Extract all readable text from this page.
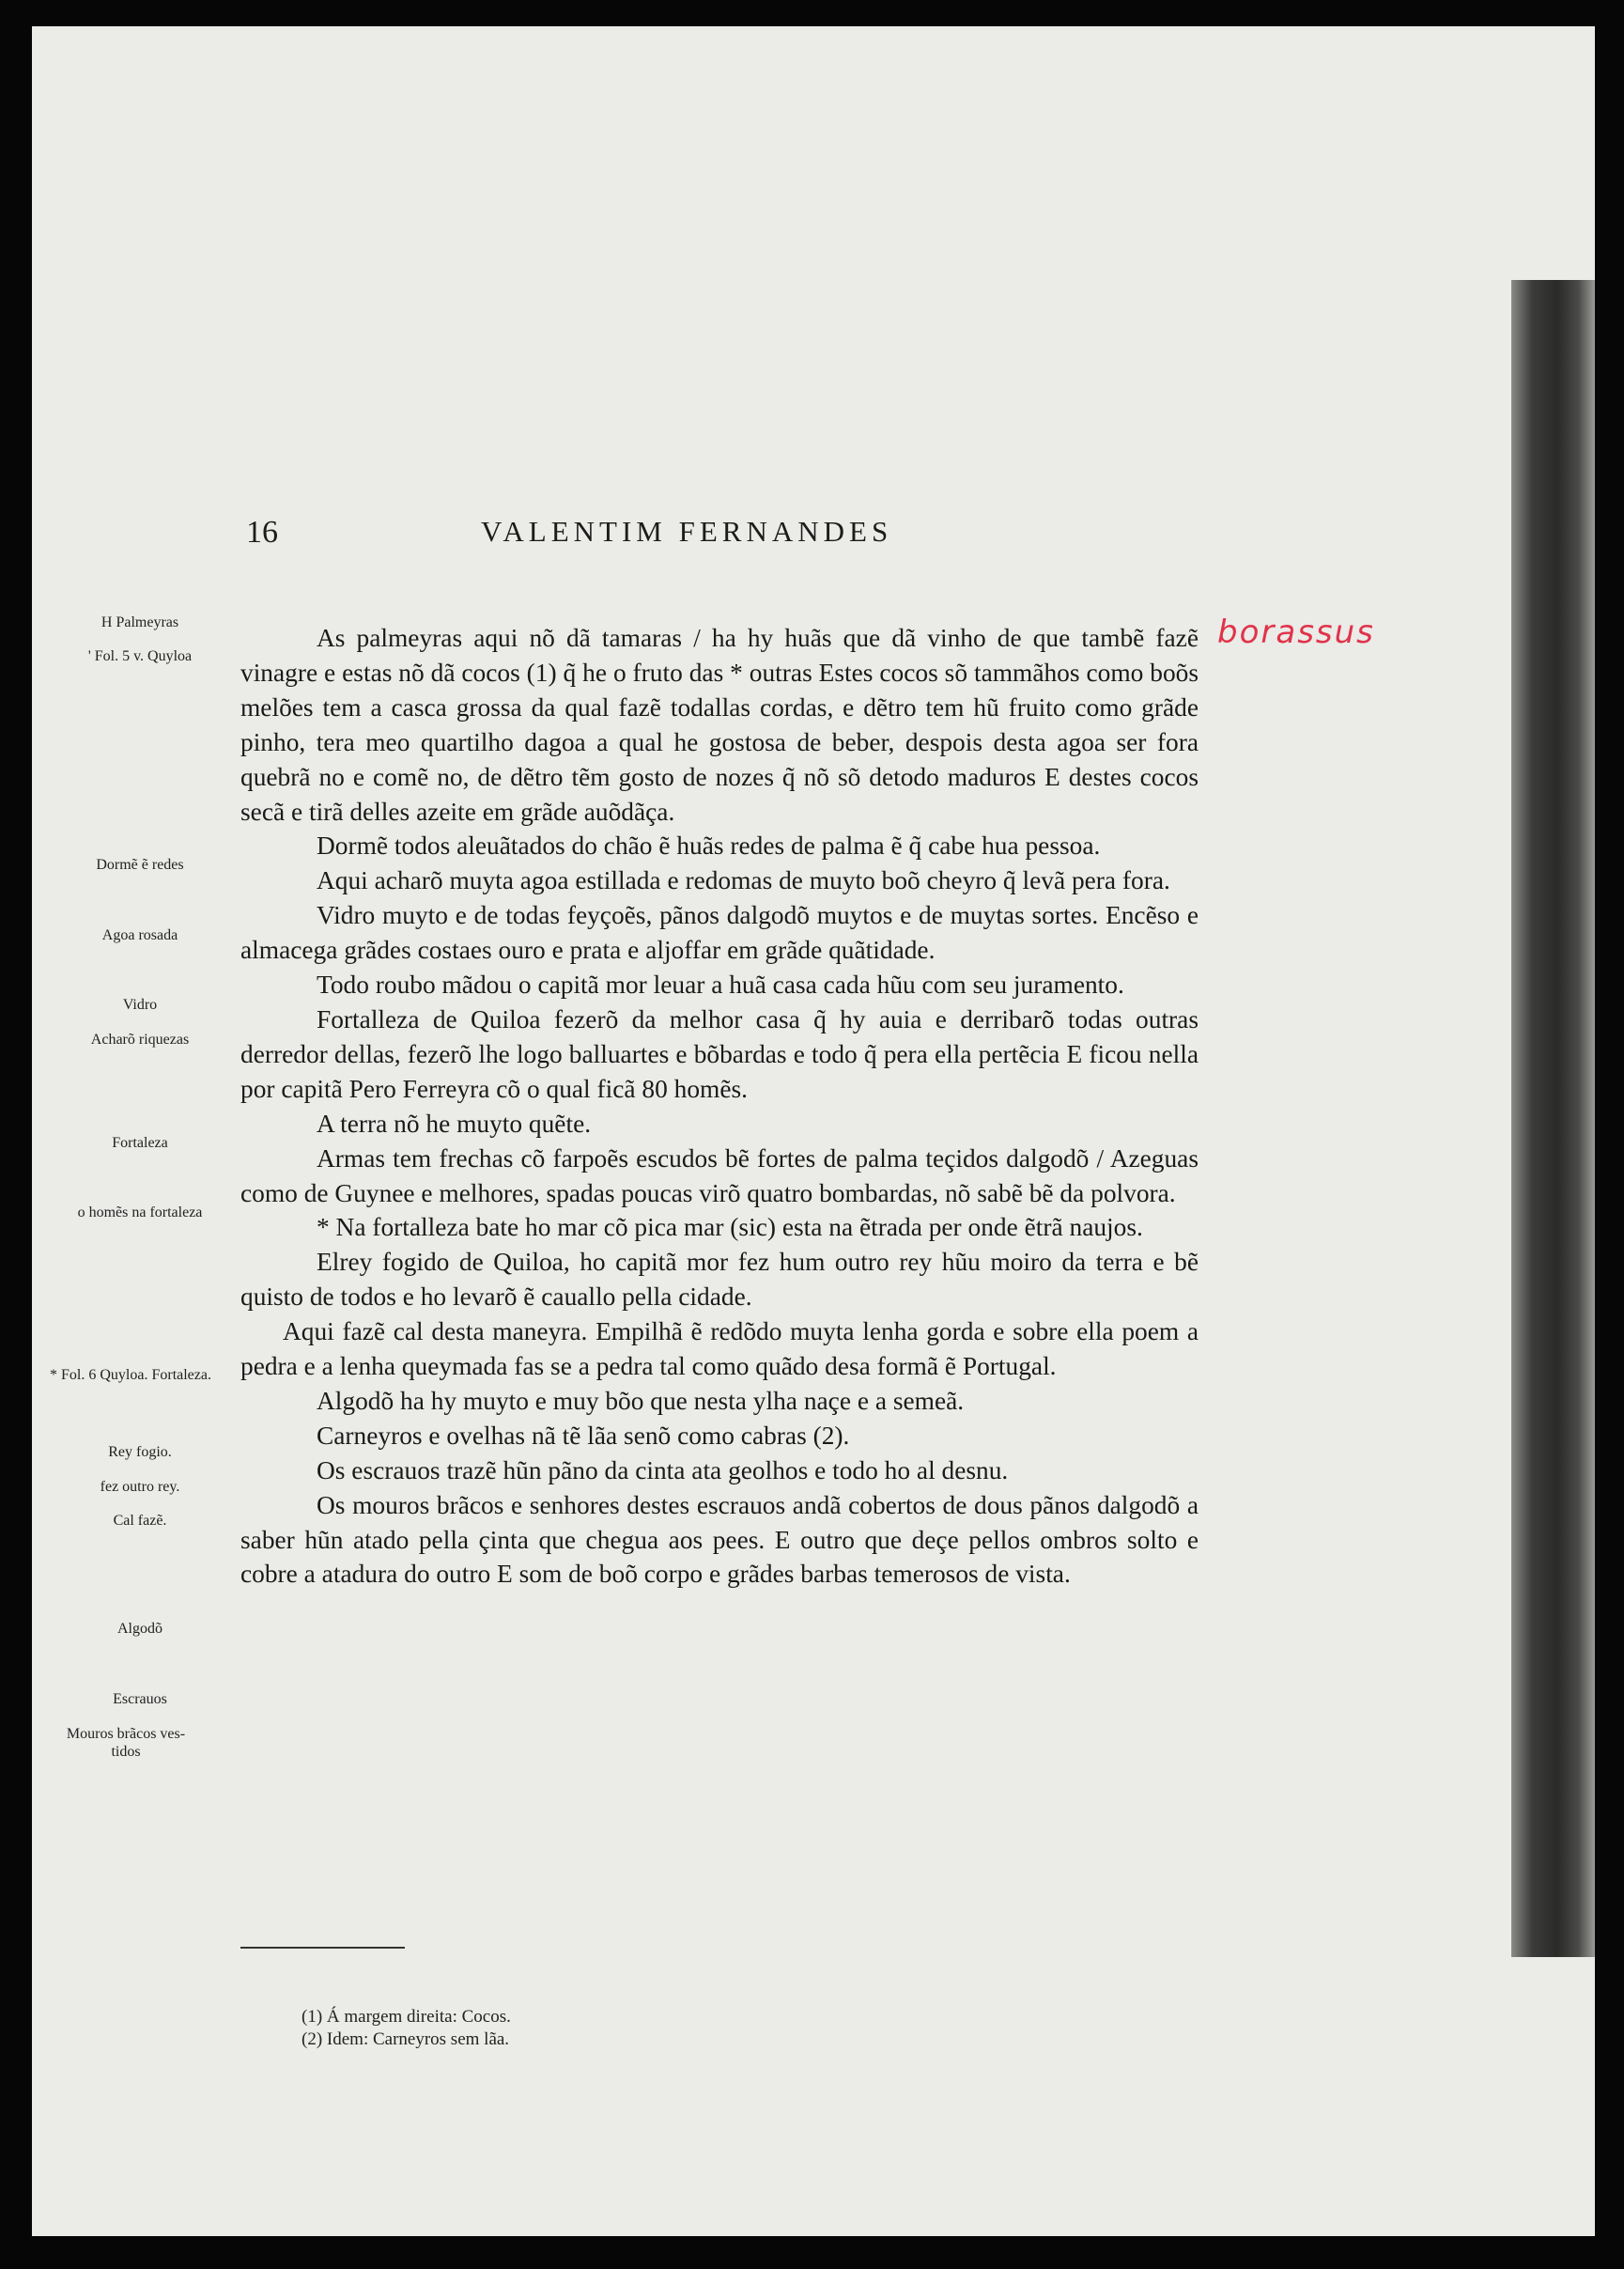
16	VALENTIM FERNANDES
borassus
H Palmeyras
' Fol. 5 v. Quyloa
Dormẽ ẽ redes
Agoa rosada
Vidro
Acharõ riquezas
Fortaleza
o homẽs na fortaleza
* Fol. 6 Quyloa. Fortaleza.
Rey fogio.
fez outro rey.
Cal fazẽ.
Algodõ
Escrauos
Mouros brãcos ves- tidos

As palmeyras aqui nõ dã tamaras / ha hy huãs que dã vinho de que tambẽ fazẽ vinagre e estas nõ dã cocos (1) q̃ he o fruto das * outras Estes cocos sõ tammãhos como boõs melões tem a casca grossa da qual fazẽ todallas cordas, e dẽtro tem hũ fruito como grãde pinho, tera meo quartilho dagoa a qual he gostosa de beber, despois desta agoa ser fora quebrã no e comẽ no, de dẽtro tẽm gosto de nozes q̃ nõ sõ detodo maduros E destes cocos secã e tirã delles azeite em grãde auõdãça.

Dormẽ todos aleuãtados do chão ẽ huãs redes de palma ẽ q̃ cabe hua pessoa.

Aqui acharõ muyta agoa estillada e redomas de muyto boõ cheyro q̃ levã pera fora.

Vidro muyto e de todas feyçoẽs, pãnos dalgodõ muytos e de muytas sortes. Encẽso e almacega grãdes costaes ouro e prata e aljoffar em grãde quãtidade.

Todo roubo mãdou o capitã mor leuar a huã casa cada hũu com seu juramento.

Fortalleza de Quiloa fezerõ da melhor casa q̃ hy auia e derribarõ todas outras derredor dellas, fezerõ lhe logo balluartes e bõbardas e todo q̃ pera ella pertẽcia E ficou nella por capitã Pero Ferreyra cõ o qual ficã 80 homẽs.

A terra nõ he muyto quẽte.

Armas tem frechas cõ farpoẽs escudos bẽ fortes de palma teçidos dalgodõ / Azeguas como de Guynee e melhores, spadas poucas virõ quatro bombardas, nõ sabẽ bẽ da polvora.

* Na fortalleza bate ho mar cõ pica mar (sic) esta na ẽtrada per onde ẽtrã naujos.

Elrey fogido de Quiloa, ho capitã mor fez hum outro rey hũu moiro da terra e bẽ quisto de todos e ho levarõ ẽ cauallo pella cidade.

Aqui fazẽ cal desta maneyra. Empilhã ẽ redõdo muyta lenha gorda e sobre ella poem a pedra e a lenha queymada fas se a pedra tal como quãdo desa formã ẽ Portugal.

Algodõ ha hy muyto e muy bõo que nesta ylha naçe e a semeã.

Carneyros e ovelhas nã tẽ lãa senõ como cabras (2).

Os escrauos trazẽ hũn pãno da cinta ata geolhos e todo ho al desnu.

Os mouros brãcos e senhores destes escrauos andã cobertos de dous pãnos dalgodõ a saber hũn atado pella çinta que chegua aos pees. E outro que deçe pellos ombros solto e cobre a atadura do outro E som de boõ corpo e grãdes barbas temerosos de vista.

(1) Á margem direita: Cocos.
(2) Idem: Carneyros sem lãa.
